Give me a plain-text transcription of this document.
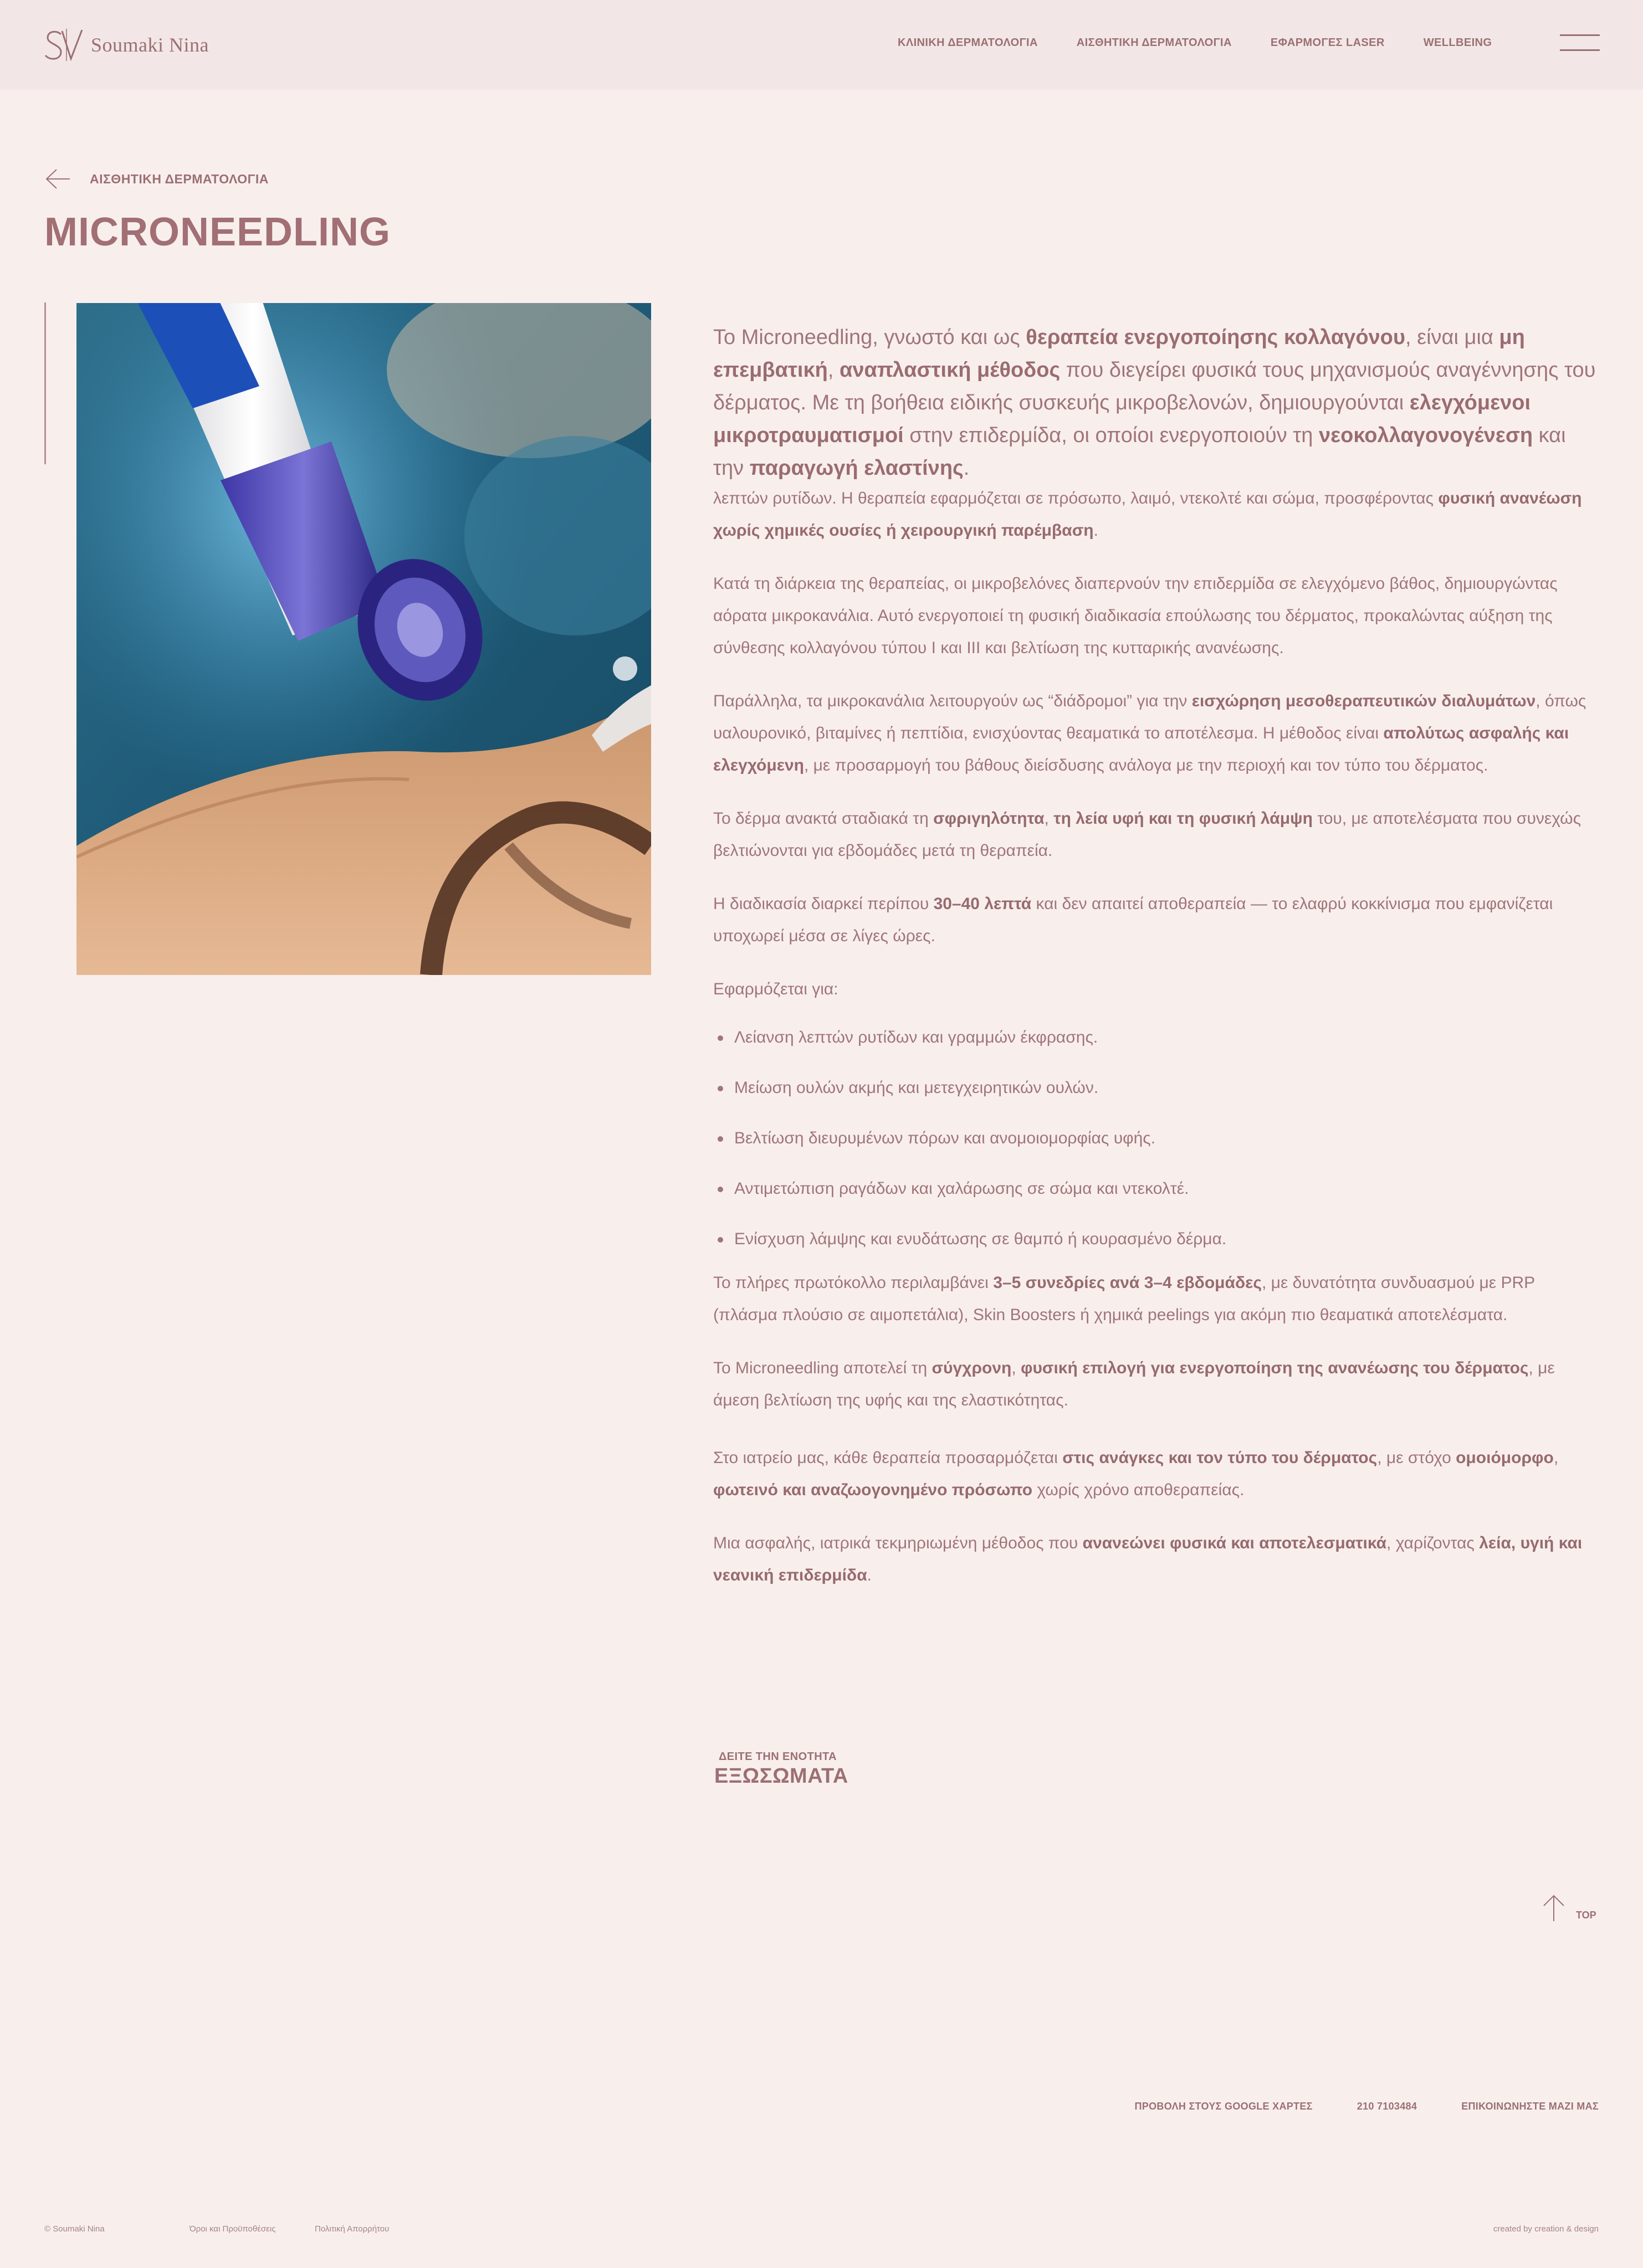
Soumaki Nina	ΚΛΙΝΙΚΗ ΔΕΡΜΑΤΟΛΟΓΙΑ	ΑΙΣΘΗΤΙΚΗ ΔΕΡΜΑΤΟΛΟΓΙΑ	ΕΦΑΡΜΟΓΕΣ LASER	WELLBEING
ΑΙΣΘΗΤΙΚΗ ΔΕΡΜΑΤΟΛΟΓΙΑ
MICRONEEDLING

Το Microneedling, γνωστό και ως θεραπεία ενεργοποίησης κολλαγόνου, είναι μια μη επεμβατική, αναπλαστική μέθοδος που διεγείρει φυσικά τους μηχανισμούς αναγέννησης του δέρματος. Με τη βοήθεια ειδικής συσκευής μικροβελονών, δημιουργούνται ελεγχόμενοι μικροτραυματισμοί στην επιδερμίδα, οι οποίοι ενεργοποιούν τη νεοκολλαγονογένεση και την παραγωγή ελαστίνης.

λεπτών ρυτίδων. Η θεραπεία εφαρμόζεται σε πρόσωπο, λαιμό, ντεκολτέ και σώμα, προσφέροντας φυσική ανανέωση χωρίς χημικές ουσίες ή χειρουργική παρέμβαση.

Κατά τη διάρκεια της θεραπείας, οι μικροβελόνες διαπερνούν την επιδερμίδα σε ελεγχόμενο βάθος, δημιουργώντας αόρατα μικροκανάλια. Αυτό ενεργοποιεί τη φυσική διαδικασία επούλωσης του δέρματος, προκαλώντας αύξηση της σύνθεσης κολλαγόνου τύπου I και III και βελτίωση της κυτταρικής ανανέωσης.

Παράλληλα, τα μικροκανάλια λειτουργούν ως “διάδρομοι” για την εισχώρηση μεσοθεραπευτικών διαλυμάτων, όπως υαλουρονικό, βιταμίνες ή πεπτίδια, ενισχύοντας θεαματικά το αποτέλεσμα. Η μέθοδος είναι απολύτως ασφαλής και ελεγχόμενη, με προσαρμογή του βάθους διείσδυσης ανάλογα με την περιοχή και τον τύπο του δέρματος.

Το δέρμα ανακτά σταδιακά τη σφριγηλότητα, τη λεία υφή και τη φυσική λάμψη του, με αποτελέσματα που συνεχώς βελτιώνονται για εβδομάδες μετά τη θεραπεία.

Η διαδικασία διαρκεί περίπου 30–40 λεπτά και δεν απαιτεί αποθεραπεία — το ελαφρύ κοκκίνισμα που εμφανίζεται υποχωρεί μέσα σε λίγες ώρες.

Εφαρμόζεται για:

Λείανση λεπτών ρυτίδων και γραμμών έκφρασης.
Μείωση ουλών ακμής και μετεγχειρητικών ουλών.
Βελτίωση διευρυμένων πόρων και ανομοιομορφίας υφής.
Αντιμετώπιση ραγάδων και χαλάρωσης σε σώμα και ντεκολτέ.
Ενίσχυση λάμψης και ενυδάτωσης σε θαμπό ή κουρασμένο δέρμα.

Το πλήρες πρωτόκολλο περιλαμβάνει 3–5 συνεδρίες ανά 3–4 εβδομάδες, με δυνατότητα συνδυασμού με PRP (πλάσμα πλούσιο σε αιμοπετάλια), Skin Boosters ή χημικά peelings για ακόμη πιο θεαματικά αποτελέσματα.

Το Microneedling αποτελεί τη σύγχρονη, φυσική επιλογή για ενεργοποίηση της ανανέωσης του δέρματος, με άμεση βελτίωση της υφής και της ελαστικότητας.

Στο ιατρείο μας, κάθε θεραπεία προσαρμόζεται στις ανάγκες και τον τύπο του δέρματος, με στόχο ομοιόμορφο, φωτεινό και αναζωογονημένο πρόσωπο χωρίς χρόνο αποθεραπείας.

Μια ασφαλής, ιατρικά τεκμηριωμένη μέθοδος που ανανεώνει φυσικά και αποτελεσματικά, χαρίζοντας λεία, υγιή και νεανική επιδερμίδα.

ΔΕΙΤΕ ΤΗΝ ΕΝΟΤΗΤΑ
ΕΞΩΣΩΜΑΤΑ
TOP
ΠΡΟΒΟΛΗ ΣΤΟΥΣ GOOGLE ΧΑΡΤΕΣ	210 7103484	ΕΠΙΚΟΙΝΩΝΗΣΤΕ ΜΑΖΙ ΜΑΣ
© Soumaki Nina	Όροι και Προϋποθέσεις	Πολιτική Απορρήτου	created by creation & design
